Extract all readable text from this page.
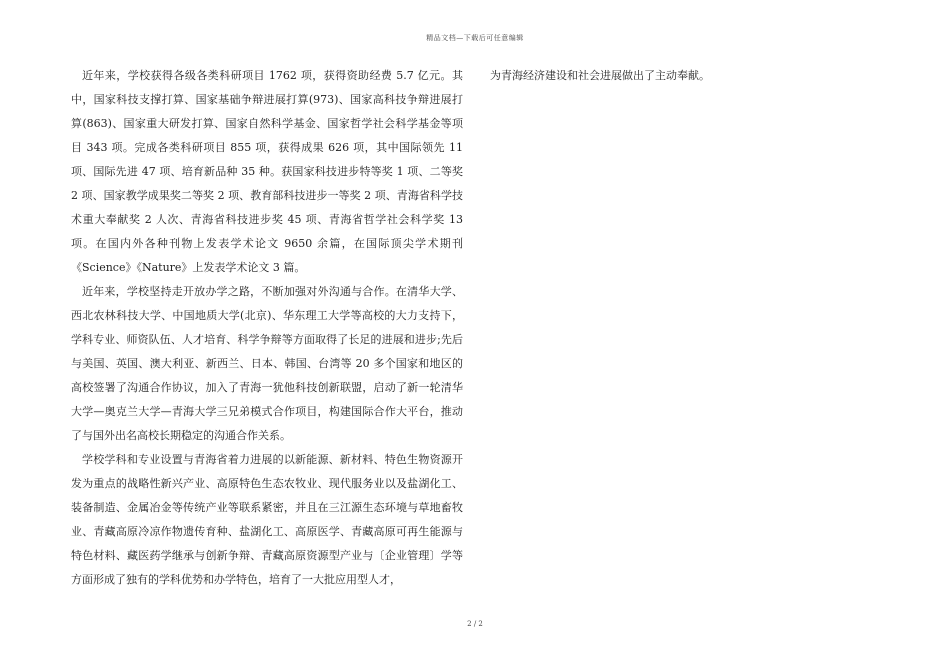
精品文档—下载后可任意编辑

近年来，学校获得各级各类科研项目 1762 项，获得资助经费 5.7 亿元。其中，国家科技支撑打算、国家基础争辩进展打算(973)、国家高科技争辩进展打算(863)、国家重大研发打算、国家自然科学基金、国家哲学社会科学基金等项目 343 项。完成各类科研项目 855 项，获得成果 626 项，其中国际领先 11 项、国际先进 47 项、培育新品种 35 种。获国家科技进步特等奖 1 项、二等奖 2 项、国家教学成果奖二等奖 2 项、教育部科技进步一等奖 2 项、青海省科学技术重大奉献奖 2 人次、青海省科技进步奖 45 项、青海省哲学社会科学奖 13 项。在国内外各种刊物上发表学术论文 9650 余篇，在国际顶尖学术期刊《Science》《Nature》上发表学术论文 3 篇。

近年来，学校坚持走开放办学之路，不断加强对外沟通与合作。在清华大学、西北农林科技大学、中国地质大学(北京)、华东理工大学等高校的大力支持下，学科专业、师资队伍、人才培育、科学争辩等方面取得了长足的进展和进步;先后与美国、英国、澳大利亚、新西兰、日本、韩国、台湾等 20 多个国家和地区的高校签署了沟通合作协议，加入了青海一犹他科技创新联盟，启动了新一轮清华大学—奥克兰大学—青海大学三兄弟模式合作项目，构建国际合作大平台，推动了与国外出名高校长期稳定的沟通合作关系。

学校学科和专业设置与青海省着力进展的以新能源、新材料、特色生物资源开发为重点的战略性新兴产业、高原特色生态农牧业、现代服务业以及盐湖化工、装备制造、金属冶金等传统产业等联系紧密，并且在三江源生态环境与草地畜牧业、青藏高原冷凉作物遗传育种、盐湖化工、高原医学、青藏高原可再生能源与特色材料、藏医药学继承与创新争辩、青藏高原资源型产业与〔企业管理〕学等方面形成了独有的学科优势和办学特色，培育了一大批应用型人才，

为青海经济建设和社会进展做出了主动奉献。

2 / 2
